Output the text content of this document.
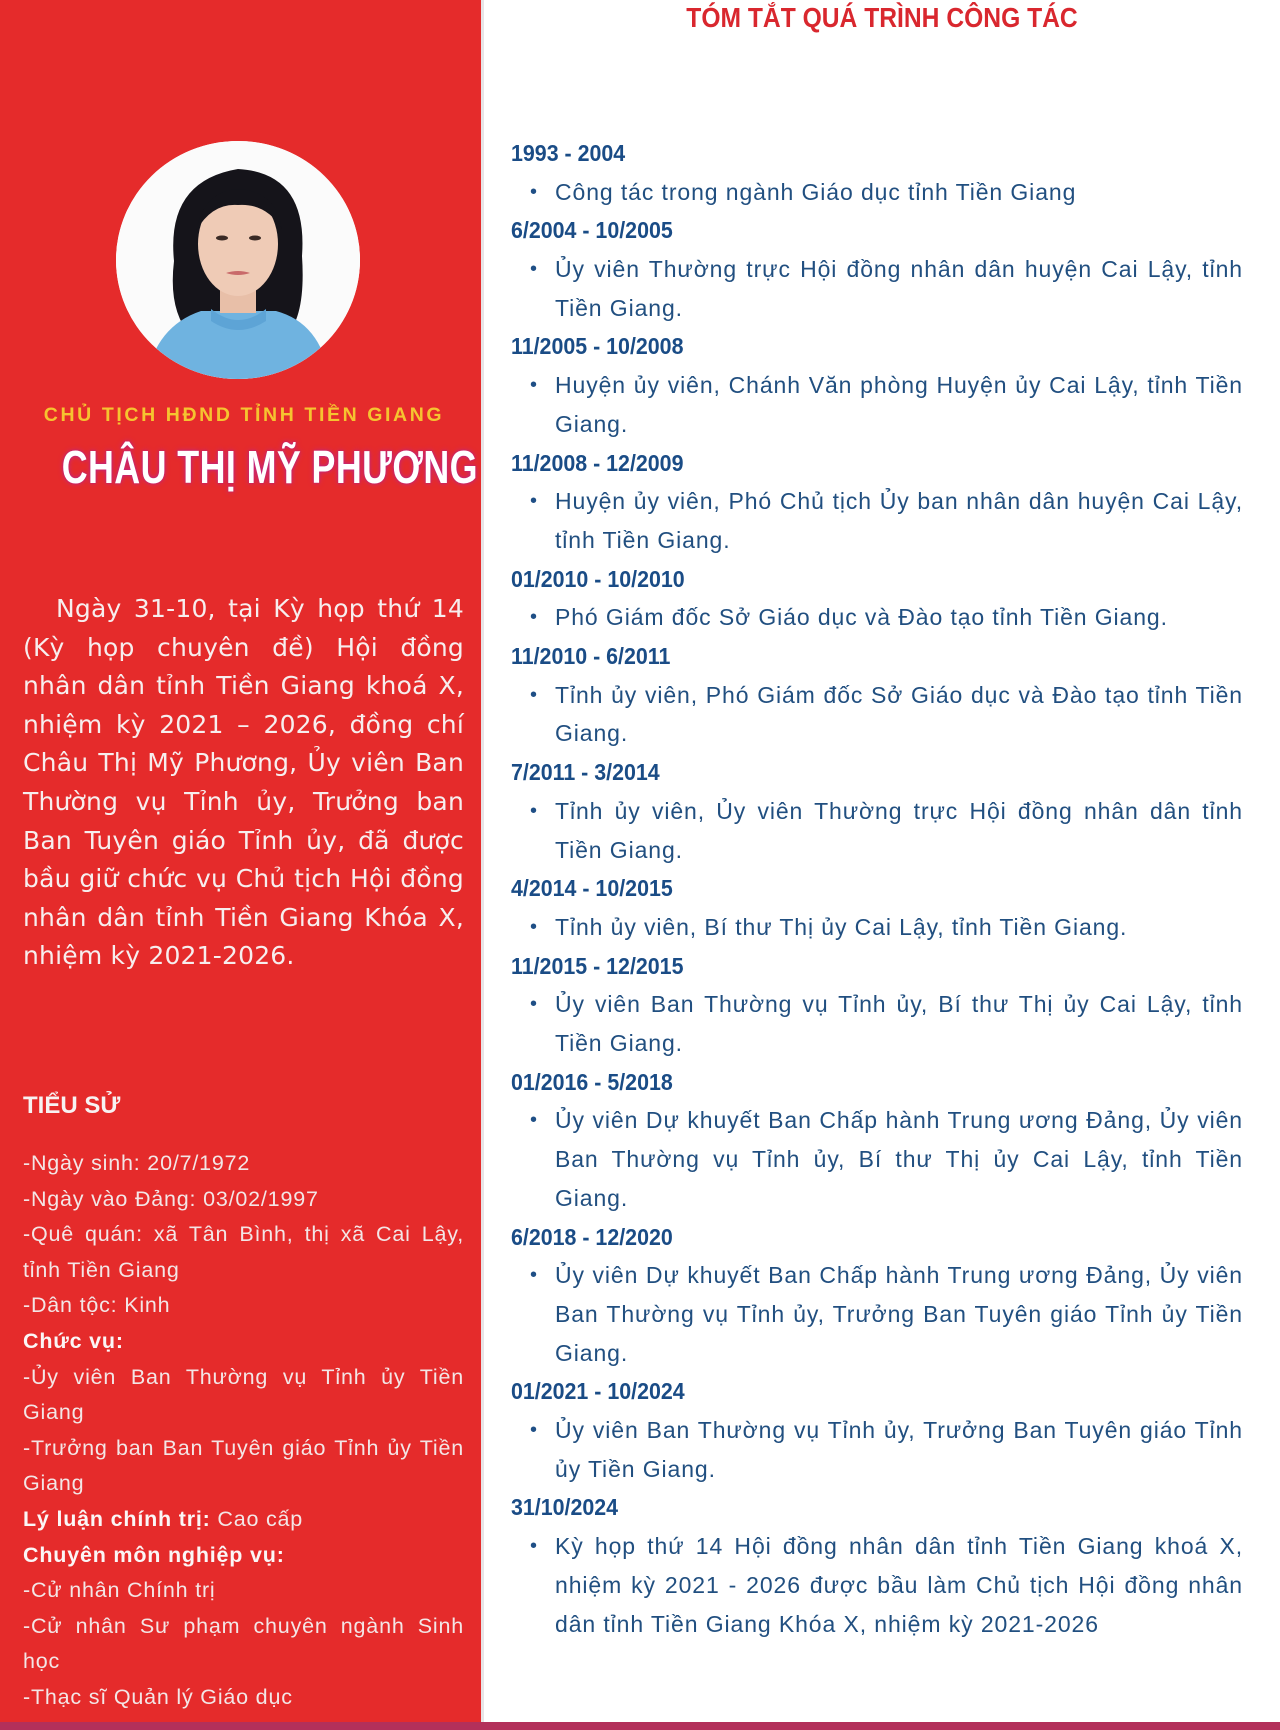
CHỦ TỊCH HĐND TỈNH TIỀN GIANG
CHÂU THỊ MỸ PHƯƠNG

Ngày 31-10, tại Kỳ họp thứ 14 (Kỳ họp chuyên đề) Hội đồng nhân dân tỉnh Tiền Giang khoá X, nhiệm kỳ 2021 – 2026, đồng chí Châu Thị Mỹ Phương, Ủy viên Ban Thường vụ Tỉnh ủy, Trưởng ban Ban Tuyên giáo Tỉnh ủy, đã được bầu giữ chức vụ Chủ tịch Hội đồng nhân dân tỉnh Tiền Giang Khóa X, nhiệm kỳ 2021-2026.

TIỂU SỬ
-Ngày sinh: 20/7/1972
-Ngày vào Đảng: 03/02/1997
-Quê quán: xã Tân Bình, thị xã Cai Lậy, tỉnh Tiền Giang
-Dân tộc: Kinh
Chức vụ:
-Ủy viên Ban Thường vụ Tỉnh ủy Tiền Giang
-Trưởng ban Ban Tuyên giáo Tỉnh ủy Tiền Giang
Lý luận chính trị: Cao cấp
Chuyên môn nghiệp vụ:
-Cử nhân Chính trị
-Cử nhân Sư phạm chuyên ngành Sinh học
-Thạc sĩ Quản lý Giáo dục
TÓM TẮT QUÁ TRÌNH CÔNG TÁC
1993 - 2004
• Công tác trong ngành Giáo dục tỉnh Tiền Giang
6/2004 - 10/2005
• Ủy viên Thường trực Hội đồng nhân dân huyện Cai Lậy, tỉnh Tiền Giang.
11/2005 - 10/2008
• Huyện ủy viên, Chánh Văn phòng Huyện ủy Cai Lậy, tỉnh Tiền Giang.
11/2008 - 12/2009
• Huyện ủy viên, Phó Chủ tịch Ủy ban nhân dân huyện Cai Lậy, tỉnh Tiền Giang.
01/2010 - 10/2010
• Phó Giám đốc Sở Giáo dục và Đào tạo tỉnh Tiền Giang.
11/2010 - 6/2011
• Tỉnh ủy viên, Phó Giám đốc Sở Giáo dục và Đào tạo tỉnh Tiền Giang.
7/2011 - 3/2014
• Tỉnh ủy viên, Ủy viên Thường trực Hội đồng nhân dân tỉnh Tiền Giang.
4/2014 - 10/2015
• Tỉnh ủy viên, Bí thư Thị ủy Cai Lậy, tỉnh Tiền Giang.
11/2015 - 12/2015
• Ủy viên Ban Thường vụ Tỉnh ủy, Bí thư Thị ủy Cai Lậy, tỉnh Tiền Giang.
01/2016 - 5/2018
• Ủy viên Dự khuyết Ban Chấp hành Trung ương Đảng, Ủy viên Ban Thường vụ Tỉnh ủy, Bí thư Thị ủy Cai Lậy, tỉnh Tiền Giang.
6/2018 - 12/2020
• Ủy viên Dự khuyết Ban Chấp hành Trung ương Đảng, Ủy viên Ban Thường vụ Tỉnh ủy, Trưởng Ban Tuyên giáo Tỉnh ủy Tiền Giang.
01/2021 - 10/2024
• Ủy viên Ban Thường vụ Tỉnh ủy, Trưởng Ban Tuyên giáo Tỉnh ủy Tiền Giang.
31/10/2024
• Kỳ họp thứ 14 Hội đồng nhân dân tỉnh Tiền Giang khoá X, nhiệm kỳ 2021 - 2026 được bầu làm Chủ tịch Hội đồng nhân dân tỉnh Tiền Giang Khóa X, nhiệm kỳ 2021-2026
